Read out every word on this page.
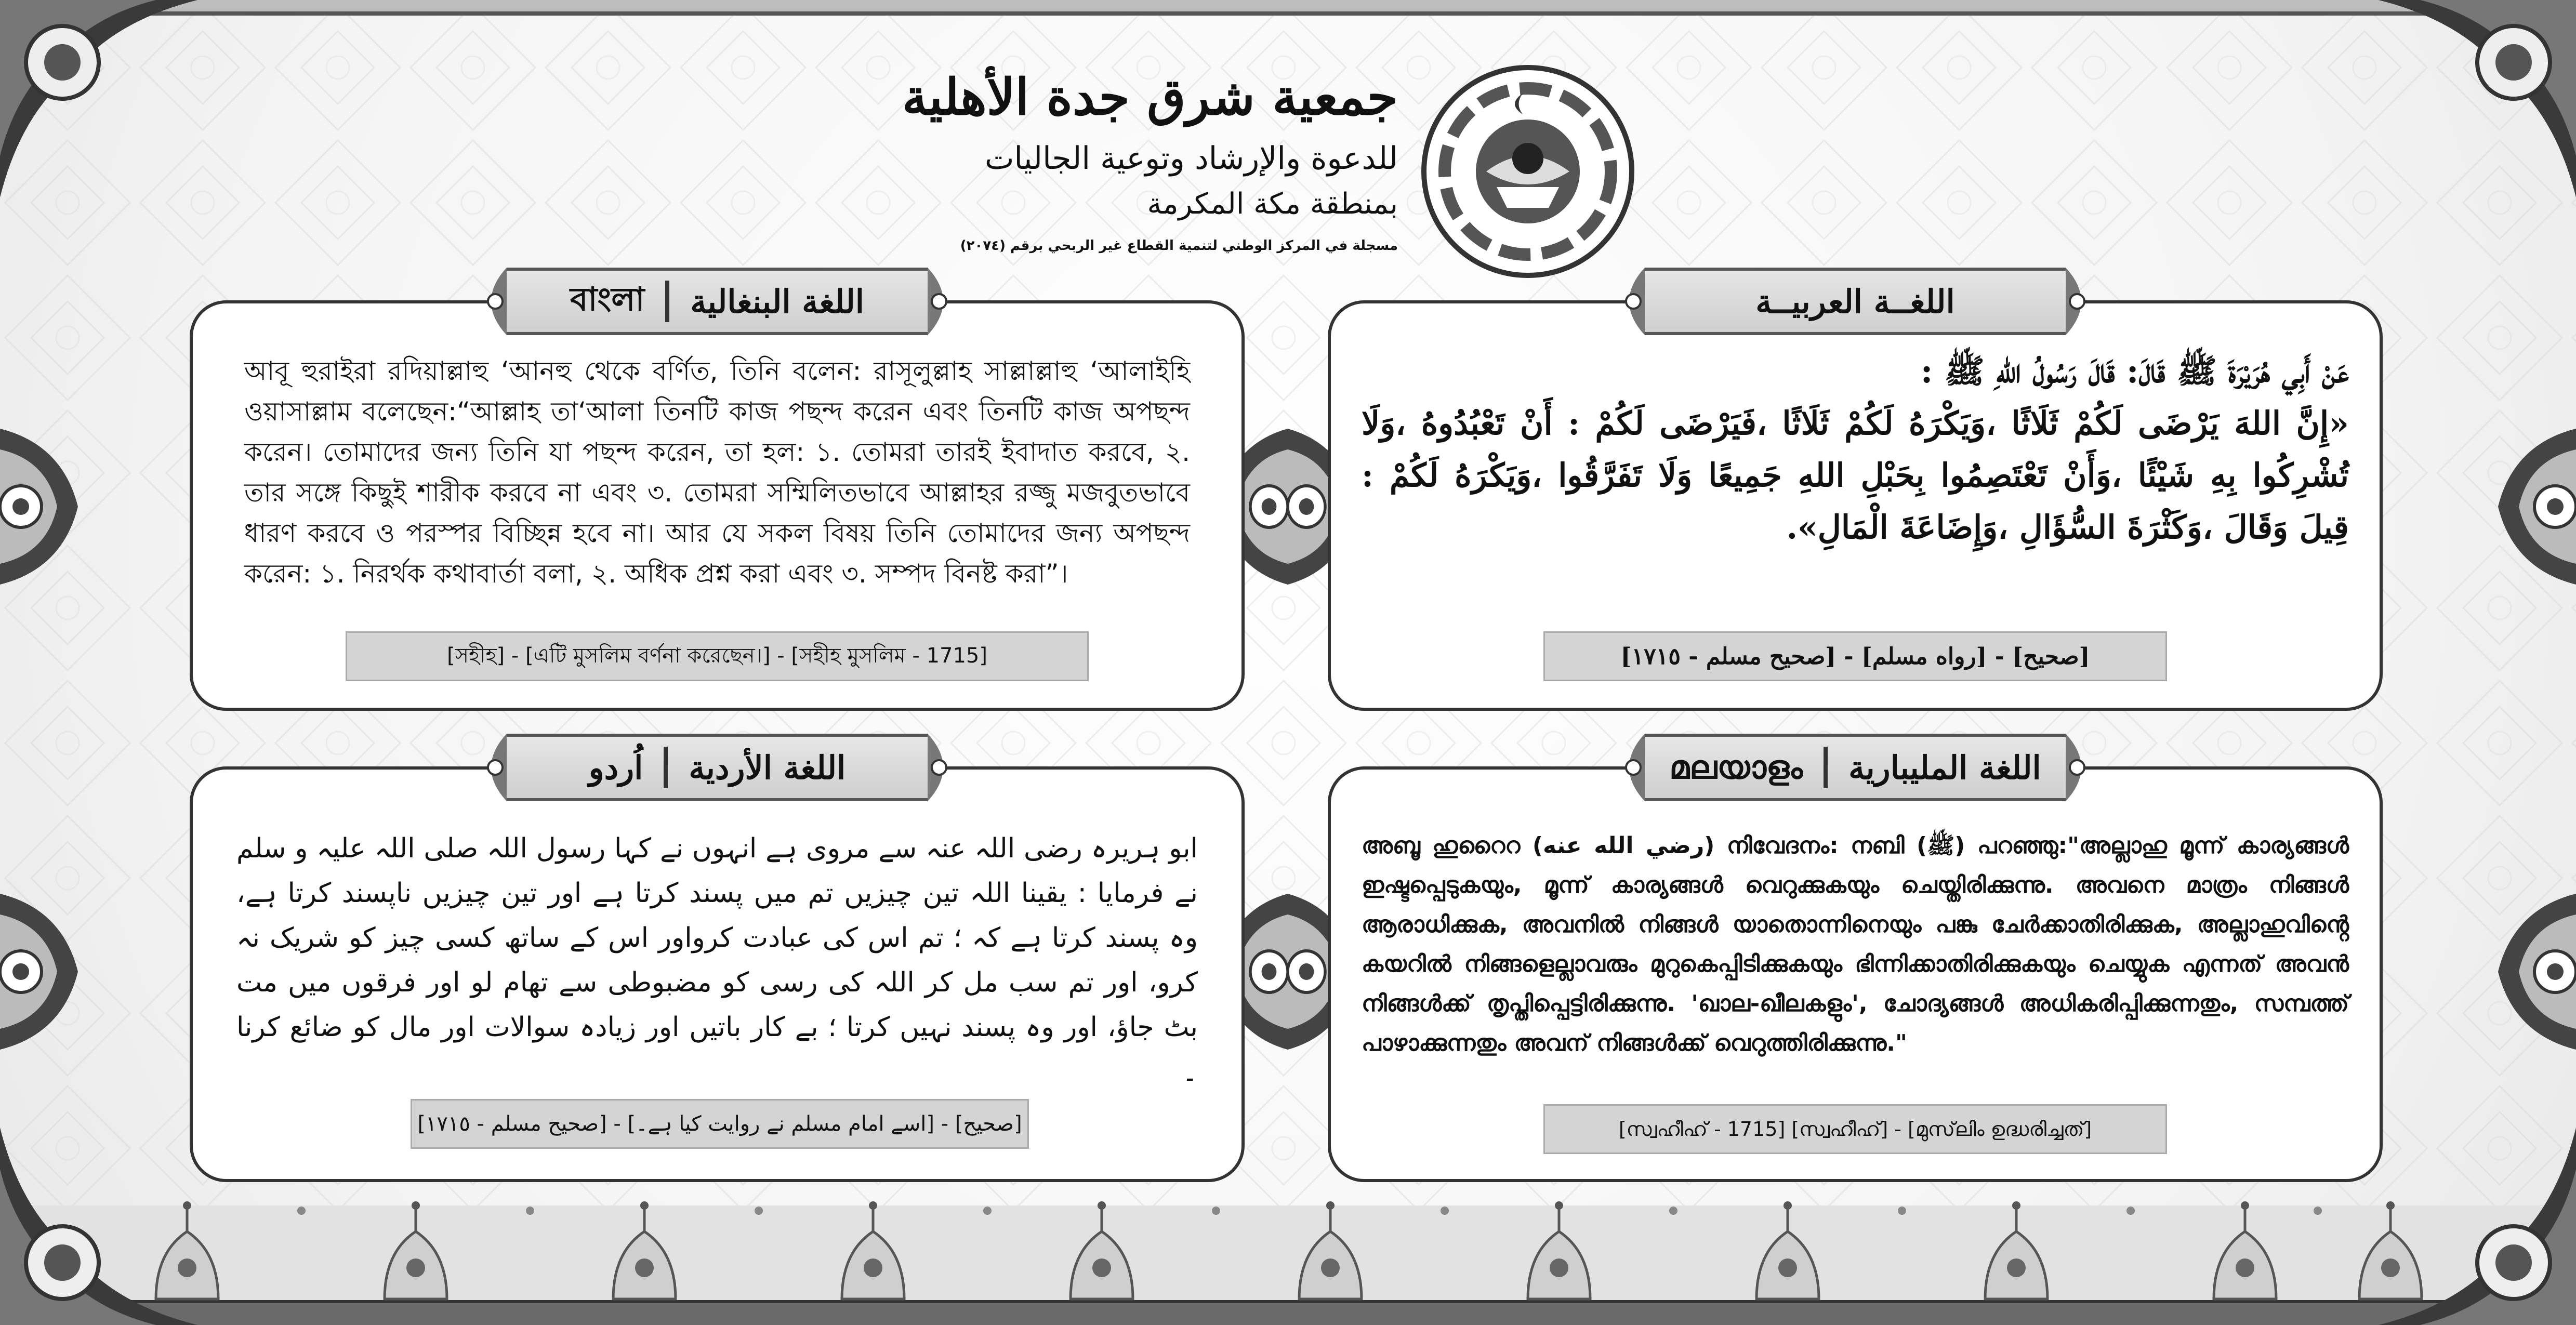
جمعية شرق جدة الأهلية
للدعوة والإرشاد وتوعية الجاليات
بمنطقة مكة المكرمة
مسجلة في المركز الوطني لتنمية القطاع غير الربحي برقم (٢٠٧٤)
اللغــة العربيــة
عَنْ أَبِي هُرَيْرَةَ ﷺ قَالَ: قَالَ رَسُولُ اللهِ ﷺ :
«إِنَّ اللهَ يَرْضَى لَكُمْ ثَلَاثًا ،وَيَكْرَهُ لَكُمْ ثَلَاثًا ،فَيَرْضَى لَكُمْ : أَنْ تَعْبُدُوهُ ،وَلَا تُشْرِكُوا بِهِ شَيْئًا ،وَأَنْ تَعْتَصِمُوا بِحَبْلِ اللهِ جَمِيعًا وَلَا تَفَرَّقُوا ،وَيَكْرَهُ لَكُمْ : قِيلَ وَقَالَ ،وَكَثْرَةَ السُّؤَالِ ،وَإِضَاعَةَ الْمَالِ».
[صحيح] - [رواه مسلم] - [صحيح مسلم - ١٧١٥]
বাংলা اللغة البنغالية
আবূ হুরাইরা রদিয়াল্লাহু ‘আনহু থেকে বর্ণিত, তিনি বলেন: রাসূলুল্লাহ সাল্লাল্লাহু ‘আলাইহি ওয়াসাল্লাম বলেছেন:“আল্লাহ তা‘আলা তিনটি কাজ পছন্দ করেন এবং তিনটি কাজ অপছন্দ করেন। তোমাদের জন্য তিনি যা পছন্দ করেন, তা হল: ১. তোমরা তারই ইবাদাত করবে, ২. তার সঙ্গে কিছুই শারীক করবে না এবং ৩. তোমরা সম্মিলিতভাবে আল্লাহর রজ্জু মজবুতভাবে ধারণ করবে ও পরস্পর বিচ্ছিন্ন হবে না। আর যে সকল বিষয় তিনি তোমাদের জন্য অপছন্দ করেন: ১. নিরর্থক কথাবার্তা বলা, ২. অধিক প্রশ্ন করা এবং ৩. সম্পদ বিনষ্ট করা”।
[সহীহ] - [এটি মুসলিম বর্ণনা করেছেন।] - [সহীহ মুসলিম - 1715]
اُردو اللغة الأردية
ابو ہریرہ رضی اللہ عنہ سے مروی ہے انہوں نے کہا رسول اللہ صلی اللہ علیہ و سلم نے فرمایا : یقینا اللہ تین چیزیں تم میں پسند کرتا ہے اور تین چیزیں ناپسند کرتا ہے، وہ پسند کرتا ہے کہ ؛ تم اس کی عبادت کرواور اس کے ساتھ کسی چیز کو شریک نہ کرو، اور تم سب مل کر اللہ کی رسی کو مضبوطی سے تھام لو اور فرقوں میں مت بٹ جاؤ، اور وہ پسند نہیں کرتا ؛ بے کار باتیں اور زیادہ سوالات اور مال کو ضائع کرنا ۔
[صحیح] - [اسے امام مسلم نے روایت کیا ہے۔] - [صحيح مسلم - ١٧١٥]
മലയാളം اللغة المليبارية
അബൂ ഹുറൈറ (رضي الله عنه) നിവേദനം: നബി (ﷺ) പറഞ്ഞു:"അല്ലാഹു മൂന്ന് കാര്യങ്ങൾ ഇഷ്ടപ്പെടുകയും, മൂന്ന് കാര്യങ്ങൾ വെറുക്കുകയും ചെയ്തിരിക്കുന്നു. അവനെ മാത്രം നിങ്ങൾ ആരാധിക്കുക, അവനിൽ നിങ്ങൾ യാതൊന്നിനെയും പങ്കു ചേർക്കാതിരിക്കുക, അല്ലാഹുവിൻ്റെ കയറിൽ നിങ്ങളെല്ലാവരും മുറുകെപ്പിടിക്കുകയും ഭിന്നിക്കാതിരിക്കുകയും ചെയ്യുക എന്നത് അവൻ നിങ്ങൾക്ക് തൃപ്തിപ്പെട്ടിരിക്കുന്നു. 'ഖാല-ഖീലകളും', ചോദ്യങ്ങൾ അധികരിപ്പിക്കുന്നതും, സമ്പത്ത് പാഴാക്കുന്നതും അവന് നിങ്ങൾക്ക് വെറുത്തിരിക്കുന്നു."
[സ്വഹീഹ് - 1715] [സ്വഹീഹ്] - [മുസ്‌ലിം ഉദ്ധരിച്ചത്]
